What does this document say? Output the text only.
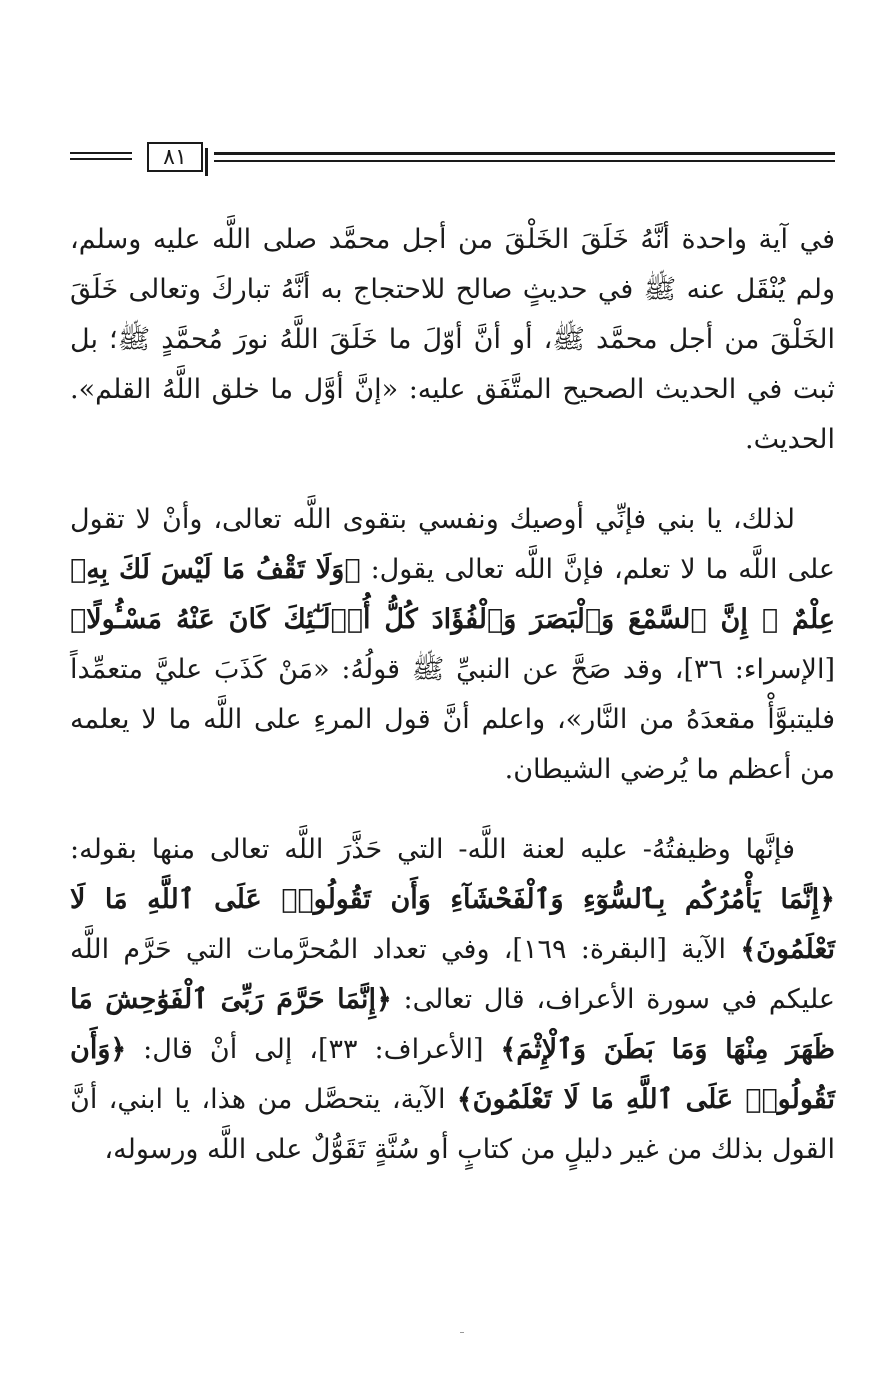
٨١

في آية واحدة أنَّهُ خَلَقَ الخَلْقَ من أجل محمَّد صلى اللَّه عليه وسلم، ولم يُنْقَل عنه ﷺ في حديثٍ صالح للاحتجاج به أنَّهُ تباركَ وتعالى خَلَقَ الخَلْقَ من أجل محمَّد ﷺ، أو أنَّ أوّلَ ما خَلَقَ اللَّهُ نورَ مُحمَّدٍ ﷺ؛ بل ثبت في الحديث الصحيح المتَّفَق عليه: «إنَّ أوَّل ما خلق اللَّهُ القلم». الحديث.

لذلك، يا بني فإنِّي أوصيك ونفسي بتقوى اللَّه تعالى، وأنْ لا تقول على اللَّه ما لا تعلم، فإنَّ اللَّه تعالى يقول: ﴿وَلَا تَقْفُ مَا لَيْسَ لَكَ بِهِۦ عِلْمٌ ۚ إِنَّ ٱلسَّمْعَ وَٱلْبَصَرَ وَٱلْفُؤَادَ كُلُّ أُو۟لَـٰٓئِكَ كَانَ عَنْهُ مَسْـُٔولًا﴾ [الإسراء: ٣٦]، وقد صَحَّ عن النبيِّ ﷺ قولُهُ: «مَنْ كَذَبَ عليَّ متعمِّداً فليتبوَّأْ مقعدَهُ من النَّار»، واعلم أنَّ قول المرءِ على اللَّه ما لا يعلمه من أعظم ما يُرضي الشيطان.

فإنَّها وظيفتُهُ- عليه لعنة اللَّه- التي حَذَّرَ اللَّه تعالى منها بقوله: ﴿إِنَّمَا يَأْمُرُكُم بِٱلسُّوٓءِ وَٱلْفَحْشَآءِ وَأَن تَقُولُوا۟ عَلَى ٱللَّهِ مَا لَا تَعْلَمُونَ﴾ الآية [البقرة: ١٦٩]، وفي تعداد المُحرَّمات التي حَرَّم اللَّه عليكم في سورة الأعراف، قال تعالى: ﴿إِنَّمَا حَرَّمَ رَبِّىَ ٱلْفَوَٰحِشَ مَا ظَهَرَ مِنْهَا وَمَا بَطَنَ وَٱلْإِثْمَ﴾ [الأعراف: ٣٣]، إلى أنْ قال: ﴿وَأَن تَقُولُوا۟ عَلَى ٱللَّهِ مَا لَا تَعْلَمُونَ﴾ الآية، يتحصَّل من هذا، يا ابني، أنَّ القول بذلك من غير دليلٍ من كتابٍ أو سُنَّةٍ تَقَوُّلٌ على اللَّه ورسوله،
